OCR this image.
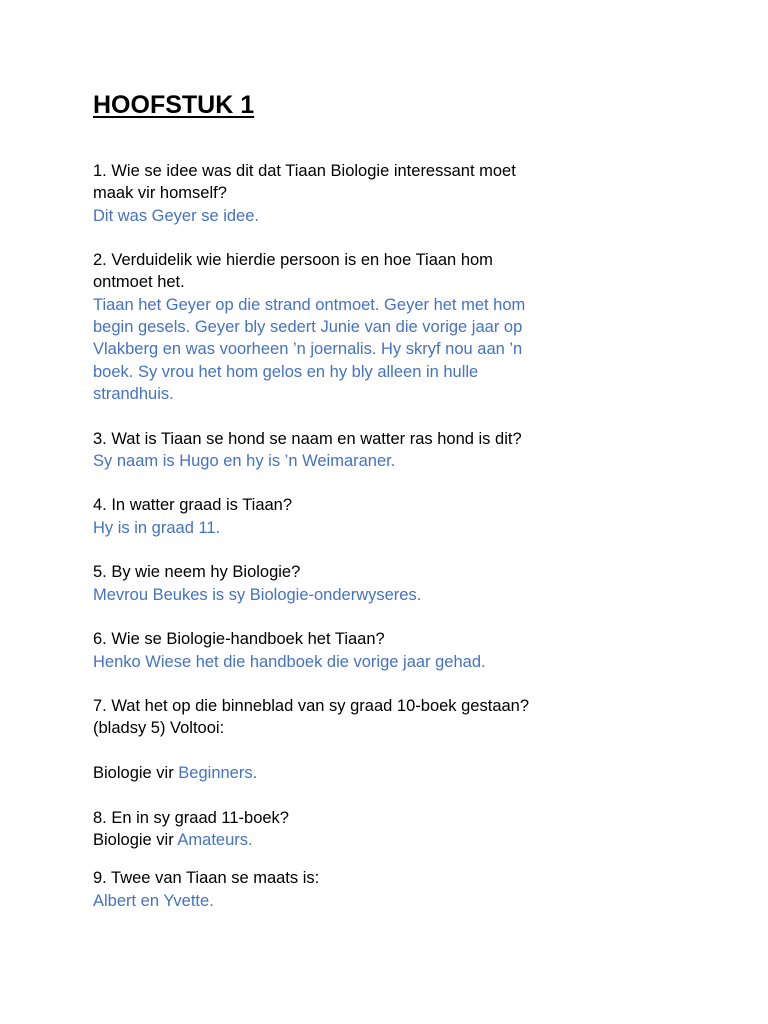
HOOFSTUK 1
1. Wie se idee was dit dat Tiaan Biologie interessant moet
maak vir homself?
Dit was Geyer se idee.
2. Verduidelik wie hierdie persoon is en hoe Tiaan hom
ontmoet het.
Tiaan het Geyer op die strand ontmoet. Geyer het met hom
begin gesels. Geyer bly sedert Junie van die vorige jaar op
Vlakberg en was voorheen ’n joernalis. Hy skryf nou aan ’n
boek. Sy vrou het hom gelos en hy bly alleen in hulle
strandhuis.
3. Wat is Tiaan se hond se naam en watter ras hond is dit?
Sy naam is Hugo en hy is ’n Weimaraner.
4. In watter graad is Tiaan?
Hy is in graad 11.
5. By wie neem hy Biologie?
Mevrou Beukes is sy Biologie-onderwyseres.
6. Wie se Biologie-handboek het Tiaan?
Henko Wiese het die handboek die vorige jaar gehad.
7. Wat het op die binneblad van sy graad 10-boek gestaan?
(bladsy 5) Voltooi:
Biologie vir Beginners.
8. En in sy graad 11-boek?
Biologie vir Amateurs.
9. Twee van Tiaan se maats is:
Albert en Yvette.
